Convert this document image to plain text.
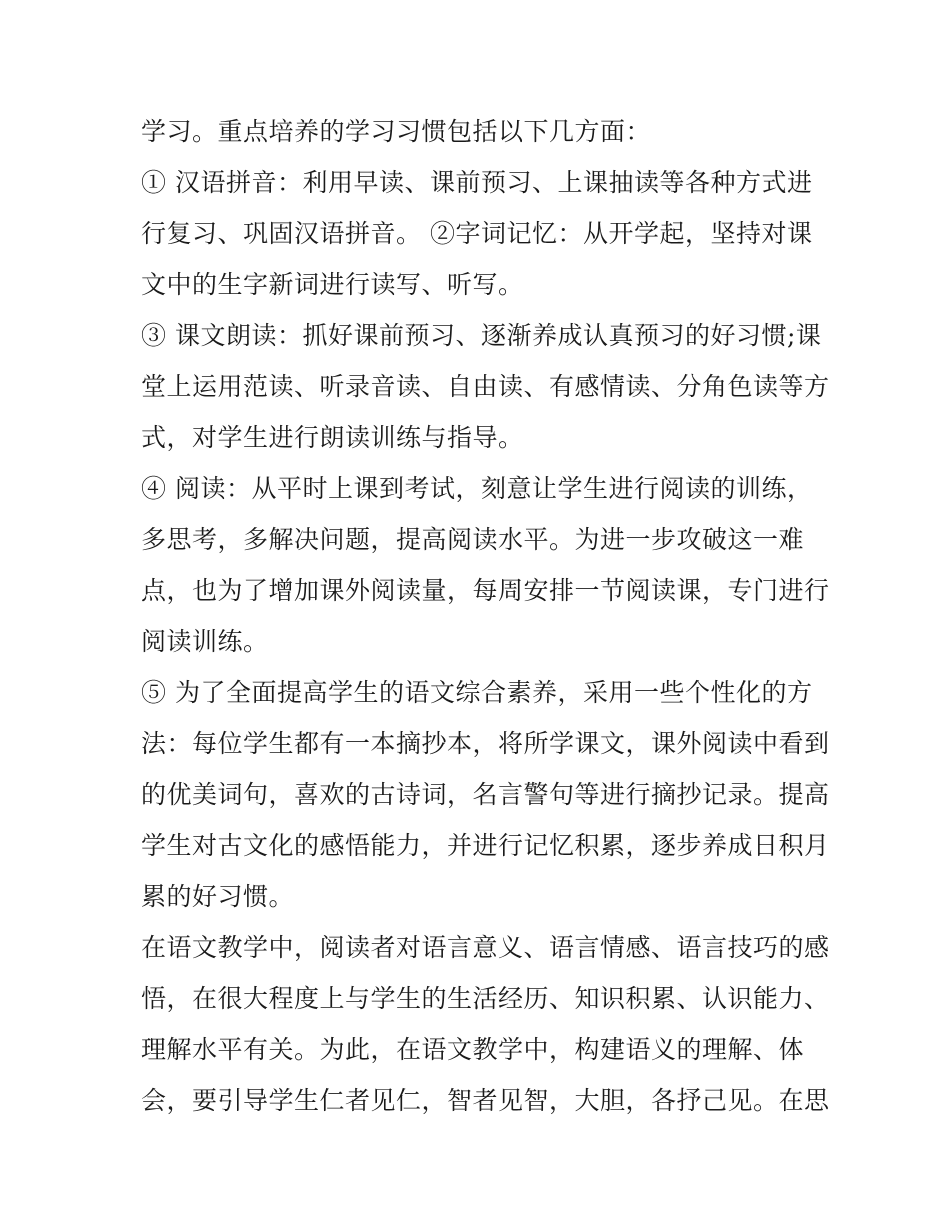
学习。重点培养的学习习惯包括以下几方面：

① 汉语拼音：利用早读、课前预习、上课抽读等各种方式进
行复习、巩固汉语拼音。 ②字词记忆：从开学起，坚持对课
文中的生字新词进行读写、听写。

③ 课文朗读：抓好课前预习、逐渐养成认真预习的好习惯;课
堂上运用范读、听录音读、自由读、有感情读、分角色读等方
式，对学生进行朗读训练与指导。

④ 阅读：从平时上课到考试，刻意让学生进行阅读的训练，
多思考，多解决问题，提高阅读水平。为进一步攻破这一难
点，也为了增加课外阅读量，每周安排一节阅读课，专门进行
阅读训练。

⑤ 为了全面提高学生的语文综合素养，采用一些个性化的方
法：每位学生都有一本摘抄本，将所学课文，课外阅读中看到
的优美词句，喜欢的古诗词，名言警句等进行摘抄记录。提高
学生对古文化的感悟能力，并进行记忆积累，逐步养成日积月
累的好习惯。

在语文教学中，阅读者对语言意义、语言情感、语言技巧的感
悟，在很大程度上与学生的生活经历、知识积累、认识能力、
理解水平有关。为此，在语文教学中，构建语义的理解、体
会，要引导学生仁者见仁，智者见智，大胆，各抒己见。在思
